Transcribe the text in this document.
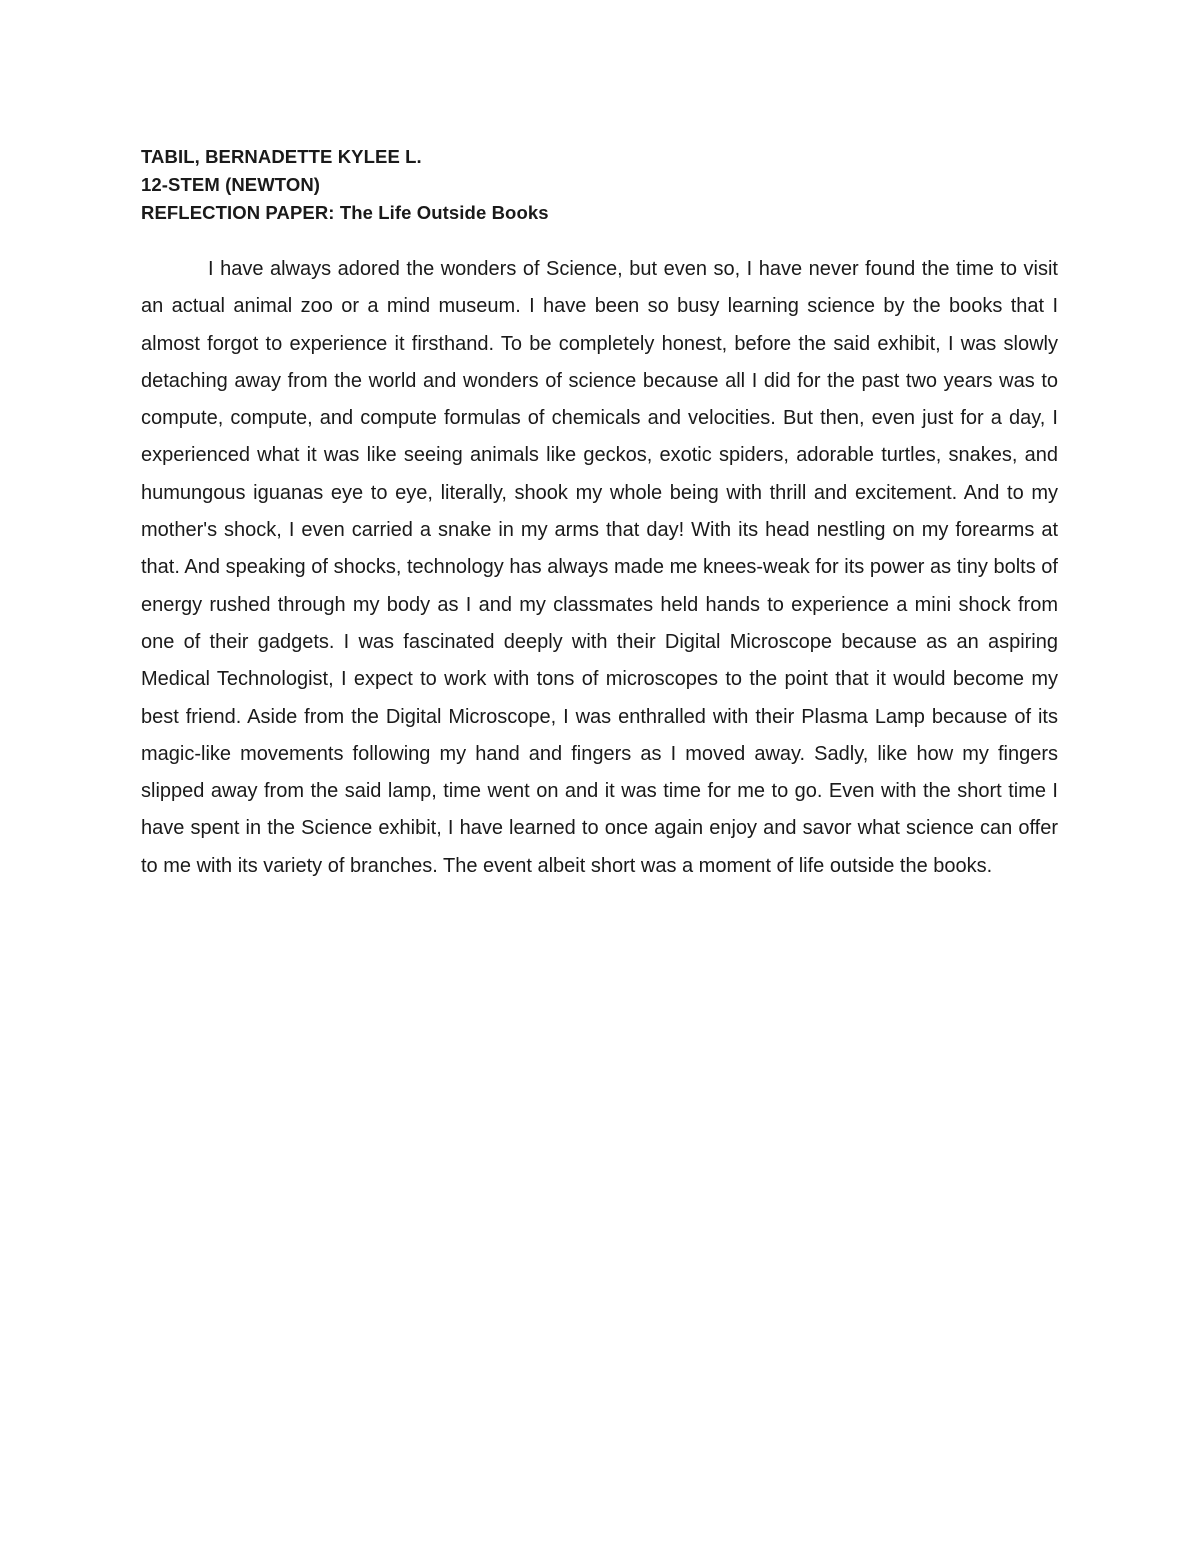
TABIL, BERNADETTE KYLEE L.
12-STEM (NEWTON)
REFLECTION PAPER: The Life Outside Books

I have always adored the wonders of Science, but even so, I have never found the time to visit an actual animal zoo or a mind museum. I have been so busy learning science by the books that I almost forgot to experience it firsthand. To be completely honest, before the said exhibit, I was slowly detaching away from the world and wonders of science because all I did for the past two years was to compute, compute, and compute formulas of chemicals and velocities. But then, even just for a day, I experienced what it was like seeing animals like geckos, exotic spiders, adorable turtles, snakes, and humungous iguanas eye to eye, literally, shook my whole being with thrill and excitement. And to my mother's shock, I even carried a snake in my arms that day! With its head nestling on my forearms at that. And speaking of shocks, technology has always made me knees-weak for its power as tiny bolts of energy rushed through my body as I and my classmates held hands to experience a mini shock from one of their gadgets. I was fascinated deeply with their Digital Microscope because as an aspiring Medical Technologist, I expect to work with tons of microscopes to the point that it would become my best friend. Aside from the Digital Microscope, I was enthralled with their Plasma Lamp because of its magic-like movements following my hand and fingers as I moved away. Sadly, like how my fingers slipped away from the said lamp, time went on and it was time for me to go. Even with the short time I have spent in the Science exhibit, I have learned to once again enjoy and savor what science can offer to me with its variety of branches. The event albeit short was a moment of life outside the books.
